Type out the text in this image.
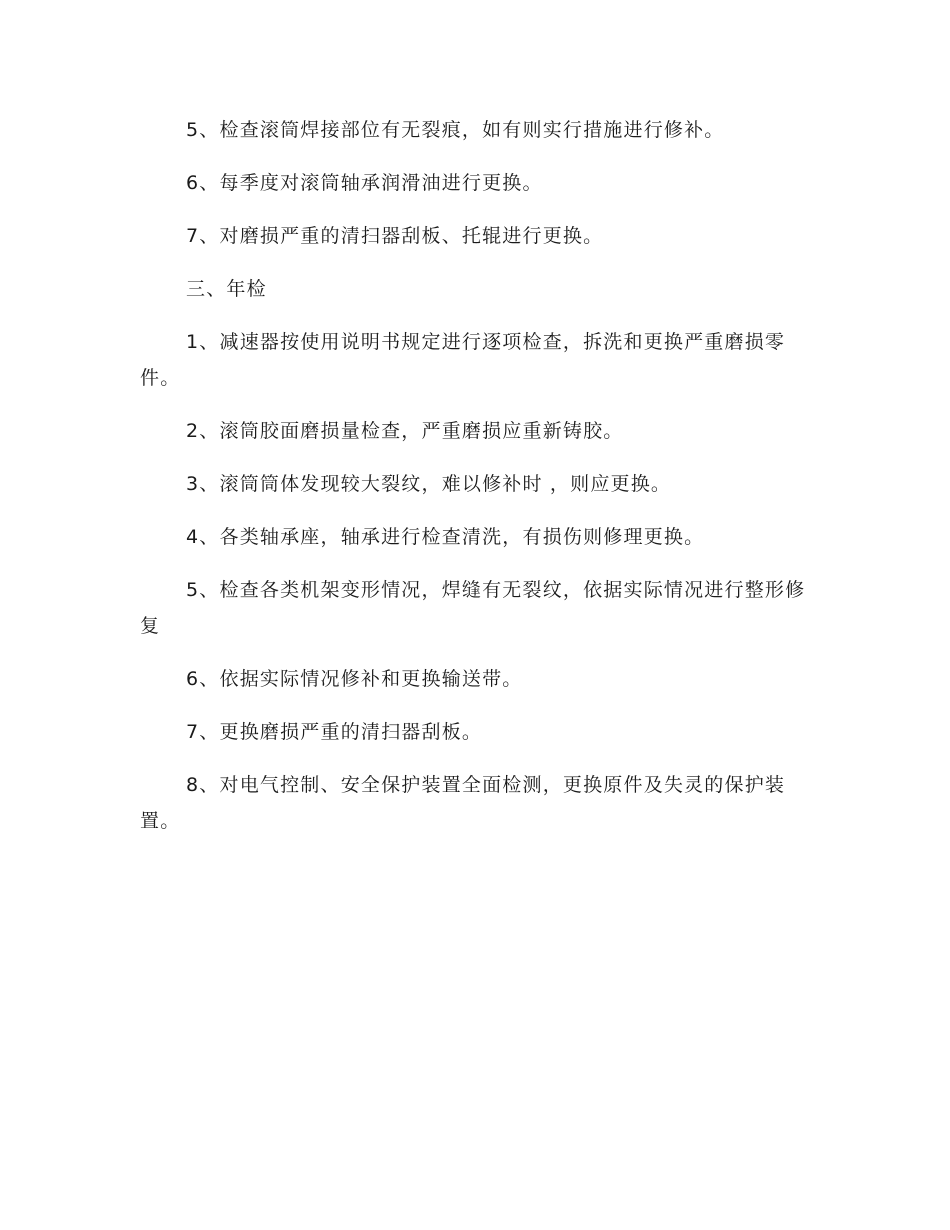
5、检查滚筒焊接部位有无裂痕，如有则实行措施进行修补。

6、每季度对滚筒轴承润滑油进行更换。

7、对磨损严重的清扫器刮板、托辊进行更换。

三、年检

1、减速器按使用说明书规定进行逐项检查，拆洗和更换严重磨损零件。

2、滚筒胶面磨损量检查，严重磨损应重新铸胶。

3、滚筒筒体发现较大裂纹，难以修补时 ，则应更换。

4、各类轴承座，轴承进行检查清洗，有损伤则修理更换。

5、检查各类机架变形情况，焊缝有无裂纹，依据实际情况进行整形修复

6、依据实际情况修补和更换输送带。

7、更换磨损严重的清扫器刮板。

8、对电气控制、安全保护装置全面检测，更换原件及失灵的保护装置。
